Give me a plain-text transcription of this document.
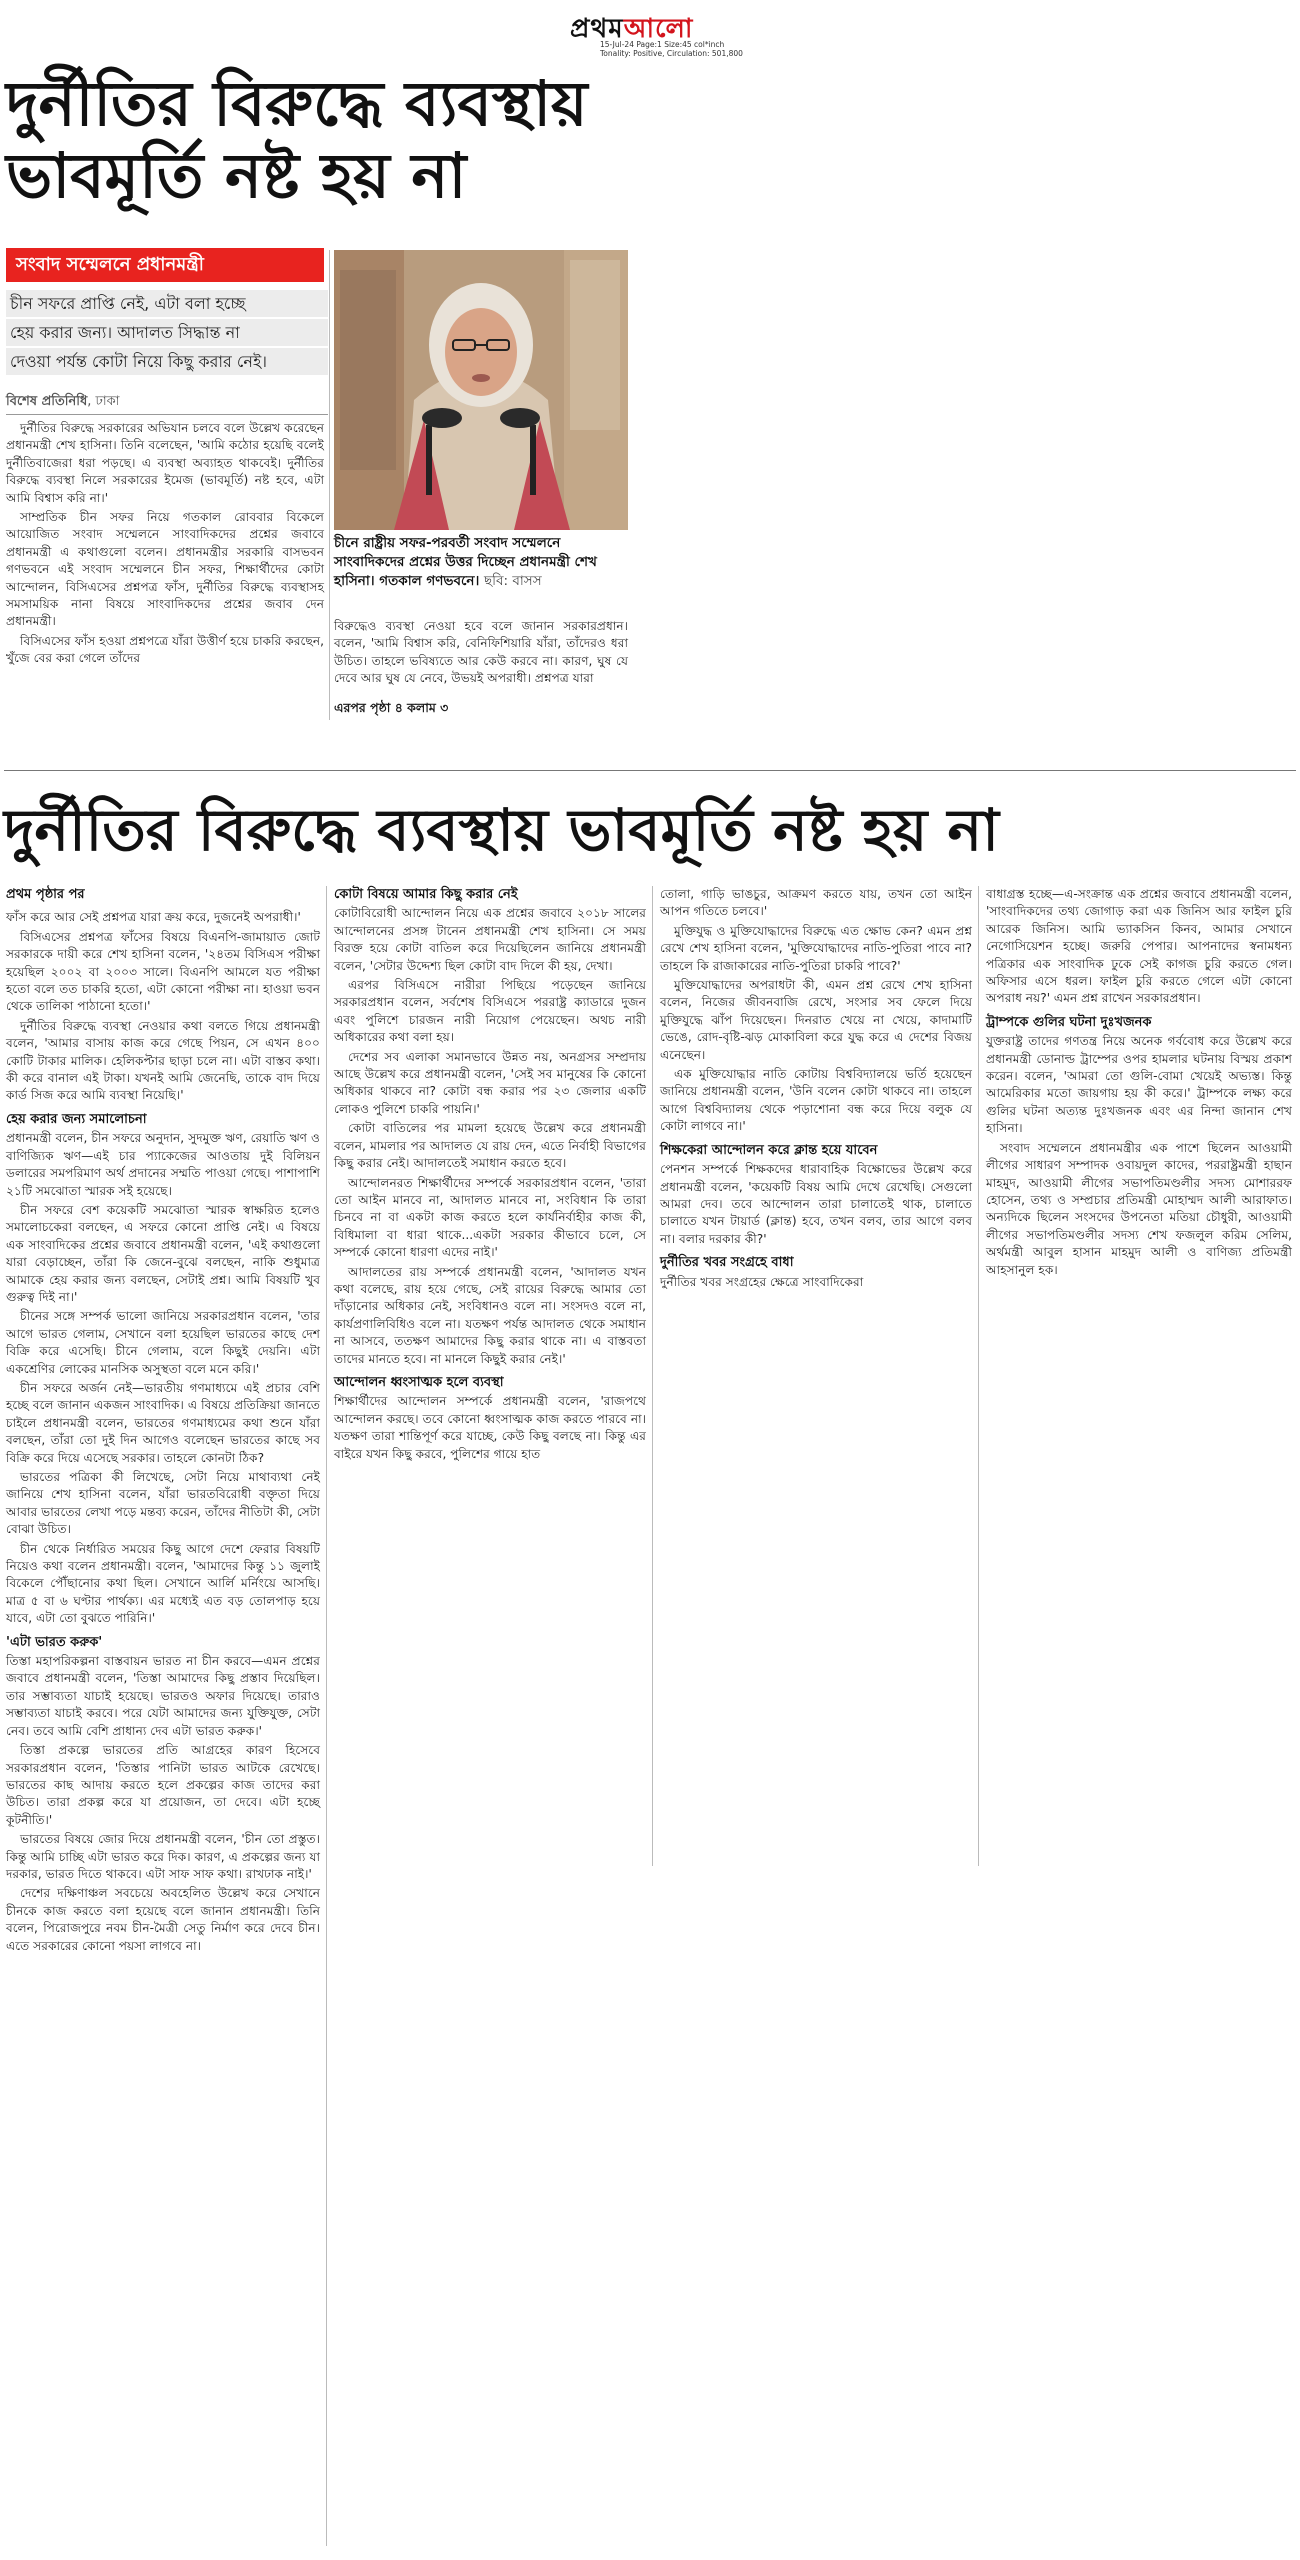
প্রথমআলো
15-Jul-24 Page:1 Size:45 col*inch
Tonality: Positive, Circulation: 501,800
দুর্নীতির বিরুদ্ধে ব্যবস্থায়
ভাবমূর্তি নষ্ট হয় না
সংবাদ সম্মেলনে প্রধানমন্ত্রী
চীন সফরে প্রাপ্তি নেই, এটা বলা হচ্ছে
হেয় করার জন্য। আদালত সিদ্ধান্ত না
দেওয়া পর্যন্ত কোটা নিয়ে কিছু করার নেই।
বিশেষ প্রতিনিধি, ঢাকা

দুর্নীতির বিরুদ্ধে সরকারের অভিযান চলবে বলে উল্লেখ করেছেন প্রধানমন্ত্রী শেখ হাসিনা। তিনি বলেছেন, 'আমি কঠোর হয়েছি বলেই দুর্নীতিবাজেরা ধরা পড়ছে। এ ব্যবস্থা অব্যাহত থাকবেই। দুর্নীতির বিরুদ্ধে ব্যবস্থা নিলে সরকারের ইমেজ (ভাবমূর্তি) নষ্ট হবে, এটা আমি বিশ্বাস করি না।'

সাম্প্রতিক চীন সফর নিয়ে গতকাল রোববার বিকেলে আয়োজিত সংবাদ সম্মেলনে সাংবাদিকদের প্রশ্নের জবাবে প্রধানমন্ত্রী এ কথাগুলো বলেন। প্রধানমন্ত্রীর সরকারি বাসভবন গণভবনে এই সংবাদ সম্মেলনে চীন সফর, শিক্ষার্থীদের কোটা আন্দোলন, বিসিএসের প্রশ্নপত্র ফাঁস, দুর্নীতির বিরুদ্ধে ব্যবস্থাসহ সমসাময়িক নানা বিষয়ে সাংবাদিকদের প্রশ্নের জবাব দেন প্রধানমন্ত্রী।

বিসিএসের ফাঁস হওয়া প্রশ্নপত্রে যাঁরা উত্তীর্ণ হয়ে চাকরি করছেন, খুঁজে বের করা গেলে তাঁদের

চীনে রাষ্ট্রীয় সফর-পরবর্তী সংবাদ সম্মেলনে সাংবাদিকদের প্রশ্নের উত্তর দিচ্ছেন প্রধানমন্ত্রী শেখ হাসিনা। গতকাল গণভবনে। ছবি: বাসস

বিরুদ্ধেও ব্যবস্থা নেওয়া হবে বলে জানান সরকারপ্রধান। বলেন, 'আমি বিশ্বাস করি, বেনিফিশিয়ারি যাঁরা, তাঁদেরও ধরা উচিত। তাহলে ভবিষ্যতে আর কেউ করবে না। কারণ, ঘুষ যে দেবে আর ঘুষ যে নেবে, উভয়ই অপরাধী। প্রশ্নপত্র যারা

এরপর পৃষ্ঠা ৪ কলাম ৩
দুর্নীতির বিরুদ্ধে ব্যবস্থায় ভাবমূর্তি নষ্ট হয় না
প্রথম পৃষ্ঠার পর

ফাঁস করে আর সেই প্রশ্নপত্র যারা ক্রয় করে, দুজনেই অপরাধী।'

বিসিএসের প্রশ্নপত্র ফাঁসের বিষয়ে বিএনপি-জামায়াত জোট সরকারকে দায়ী করে শেখ হাসিনা বলেন, '২৪তম বিসিএস পরীক্ষা হয়েছিল ২০০২ বা ২০০৩ সালে। বিএনপি আমলে যত পরীক্ষা হতো বলে তত চাকরি হতো, এটা কোনো পরীক্ষা না। হাওয়া ভবন থেকে তালিকা পাঠানো হতো।'

দুর্নীতির বিরুদ্ধে ব্যবস্থা নেওয়ার কথা বলতে গিয়ে প্রধানমন্ত্রী বলেন, 'আমার বাসায় কাজ করে গেছে পিয়ন, সে এখন ৪০০ কোটি টাকার মালিক। হেলিকপ্টার ছাড়া চলে না। এটা বাস্তব কথা। কী করে বানাল এই টাকা। যখনই আমি জেনেছি, তাকে বাদ দিয়ে কার্ড সিজ করে আমি ব্যবস্থা নিয়েছি।'

হেয় করার জন্য সমালোচনা

প্রধানমন্ত্রী বলেন, চীন সফরে অনুদান, সুদমুক্ত ঋণ, রেয়াতি ঋণ ও বাণিজ্যিক ঋণ—এই চার প্যাকেজের আওতায় দুই বিলিয়ন ডলারের সমপরিমাণ অর্থ প্রদানের সম্মতি পাওয়া গেছে। পাশাপাশি ২১টি সমঝোতা স্মারক সই হয়েছে।

চীন সফরে বেশ কয়েকটি সমঝোতা স্মারক স্বাক্ষরিত হলেও সমালোচকেরা বলছেন, এ সফরে কোনো প্রাপ্তি নেই। এ বিষয়ে এক সাংবাদিকের প্রশ্নের জবাবে প্রধানমন্ত্রী বলেন, 'এই কথাগুলো যারা বেড়াচ্ছেন, তাঁরা কি জেনে-বুঝে বলছেন, নাকি শুধুমাত্র আমাকে হেয় করার জন্য বলছেন, সেটাই প্রশ্ন। আমি বিষয়টি খুব গুরুত্ব দিই না।'

চীনের সঙ্গে সম্পর্ক ভালো জানিয়ে সরকারপ্রধান বলেন, 'তার আগে ভারত গেলাম, সেখানে বলা হয়েছিল ভারতের কাছে দেশ বিক্রি করে এসেছি। চীনে গেলাম, বলে কিছুই দেয়নি। এটা একশ্রেণির লোকের মানসিক অসুস্থতা বলে মনে করি।'

চীন সফরে অর্জন নেই—ভারতীয় গণমাধ্যমে এই প্রচার বেশি হচ্ছে বলে জানান একজন সাংবাদিক। এ বিষয়ে প্রতিক্রিয়া জানতে চাইলে প্রধানমন্ত্রী বলেন, ভারতের গণমাধ্যমের কথা শুনে যাঁরা বলছেন, তাঁরা তো দুই দিন আগেও বলেছেন ভারতের কাছে সব বিক্রি করে দিয়ে এসেছে সরকার। তাহলে কোনটা ঠিক?

ভারতের পত্রিকা কী লিখেছে, সেটা নিয়ে মাথাব্যথা নেই জানিয়ে শেখ হাসিনা বলেন, যাঁরা ভারতবিরোধী বক্তৃতা দিয়ে আবার ভারতের লেখা পড়ে মন্তব্য করেন, তাঁদের নীতিটা কী, সেটা বোঝা উচিত।

চীন থেকে নির্ধারিত সময়ের কিছু আগে দেশে ফেরার বিষয়টি নিয়েও কথা বলেন প্রধানমন্ত্রী। বলেন, 'আমাদের কিন্তু ১১ জুলাই বিকেলে পৌঁছানোর কথা ছিল। সেখানে আর্লি মর্নিংয়ে আসছি। মাত্র ৫ বা ৬ ঘণ্টার পার্থক্য। এর মধ্যেই এত বড় তোলপাড় হয়ে যাবে, এটা তো বুঝতে পারিনি।'

'এটা ভারত করুক'

তিস্তা মহাপরিকল্পনা বাস্তবায়ন ভারত না চীন করবে—এমন প্রশ্নের জবাবে প্রধানমন্ত্রী বলেন, 'তিস্তা আমাদের কিছু প্রস্তাব দিয়েছিল। তার সম্ভাব্যতা যাচাই হয়েছে। ভারতও অফার দিয়েছে। তারাও সম্ভাব্যতা যাচাই করবে। পরে যেটা আমাদের জন্য যুক্তিযুক্ত, সেটা নেব। তবে আমি বেশি প্রাধান্য দেব এটা ভারত করুক।'

তিস্তা প্রকল্পে ভারতের প্রতি আগ্রহের কারণ হিসেবে সরকারপ্রধান বলেন, 'তিস্তার পানিটা ভারত আটকে রেখেছে। ভারতের কাছ আদায় করতে হলে প্রকল্পের কাজ তাদের করা উচিত। তারা প্রকল্প করে যা প্রয়োজন, তা দেবে। এটা হচ্ছে কূটনীতি।'

ভারতের বিষয়ে জোর দিয়ে প্রধানমন্ত্রী বলেন, 'চীন তো প্রস্তুত। কিন্তু আমি চাচ্ছি এটা ভারত করে দিক। কারণ, এ প্রকল্পের জন্য যা দরকার, ভারত দিতে থাকবে। এটা সাফ সাফ কথা। রাখঢাক নাই।'

দেশের দক্ষিণাঞ্চল সবচেয়ে অবহেলিত উল্লেখ করে সেখানে চীনকে কাজ করতে বলা হয়েছে বলে জানান প্রধানমন্ত্রী। তিনি বলেন, পিরোজপুরে নবম চীন-মৈত্রী সেতু নির্মাণ করে দেবে চীন। এতে সরকারের কোনো পয়সা লাগবে না।

কোটা বিষয়ে আমার কিছু করার নেই

কোটাবিরোধী আন্দোলন নিয়ে এক প্রশ্নের জবাবে ২০১৮ সালের আন্দোলনের প্রসঙ্গ টানেন প্রধানমন্ত্রী শেখ হাসিনা। সে সময় বিরক্ত হয়ে কোটা বাতিল করে দিয়েছিলেন জানিয়ে প্রধানমন্ত্রী বলেন, 'সেটার উদ্দেশ্য ছিল কোটা বাদ দিলে কী হয়, দেখা।

এরপর বিসিএসে নারীরা পিছিয়ে পড়েছেন জানিয়ে সরকারপ্রধান বলেন, সর্বশেষ বিসিএসে পররাষ্ট্র ক্যাডারে দুজন এবং পুলিশে চারজন নারী নিয়োগ পেয়েছেন। অথচ নারী অধিকারের কথা বলা হয়।

দেশের সব এলাকা সমানভাবে উন্নত নয়, অনগ্রসর সম্প্রদায় আছে উল্লেখ করে প্রধানমন্ত্রী বলেন, 'সেই সব মানুষের কি কোনো অধিকার থাকবে না? কোটা বন্ধ করার পর ২৩ জেলার একটি লোকও পুলিশে চাকরি পায়নি।'

কোটা বাতিলের পর মামলা হয়েছে উল্লেখ করে প্রধানমন্ত্রী বলেন, মামলার পর আদালত যে রায় দেন, এতে নির্বাহী বিভাগের কিছু করার নেই। আদালতেই সমাধান করতে হবে।

আন্দোলনরত শিক্ষার্থীদের সম্পর্কে সরকারপ্রধান বলেন, 'তারা তো আইন মানবে না, আদালত মানবে না, সংবিধান কি তারা চিনবে না বা একটা কাজ করতে হলে কার্যনির্বাহীর কাজ কী, বিধিমালা বা ধারা থাকে...একটা সরকার কীভাবে চলে, সে সম্পর্কে কোনো ধারণা এদের নাই।'

আদালতের রায় সম্পর্কে প্রধানমন্ত্রী বলেন, 'আদালত যখন কথা বলেছে, রায় হয়ে গেছে, সেই রায়ের বিরুদ্ধে আমার তো দাঁড়ানোর অধিকার নেই, সংবিধানও বলে না। সংসদও বলে না, কার্যপ্রণালিবিধিও বলে না। যতক্ষণ পর্যন্ত আদালত থেকে সমাধান না আসবে, ততক্ষণ আমাদের কিছু করার থাকে না। এ বাস্তবতা তাদের মানতে হবে। না মানলে কিছুই করার নেই।'

আন্দোলন ধ্বংসাত্মক হলে ব্যবস্থা

শিক্ষার্থীদের আন্দোলন সম্পর্কে প্রধানমন্ত্রী বলেন, 'রাজপথে আন্দোলন করছে। তবে কোনো ধ্বংসাত্মক কাজ করতে পারবে না। যতক্ষণ তারা শান্তিপূর্ণ করে যাচ্ছে, কেউ কিছু বলছে না। কিন্তু এর বাইরে যখন কিছু করবে, পুলিশের গায়ে হাত

তোলা, গাড়ি ভাঙচুর, আক্রমণ করতে যায়, তখন তো আইন আপন গতিতে চলবে।'

মুক্তিযুদ্ধ ও মুক্তিযোদ্ধাদের বিরুদ্ধে এত ক্ষোভ কেন? এমন প্রশ্ন রেখে শেখ হাসিনা বলেন, 'মুক্তিযোদ্ধাদের নাতি-পুতিরা পাবে না? তাহলে কি রাজাকারের নাতি-পুতিরা চাকরি পাবে?'

মুক্তিযোদ্ধাদের অপরাধটা কী, এমন প্রশ্ন রেখে শেখ হাসিনা বলেন, নিজের জীবনবাজি রেখে, সংসার সব ফেলে দিয়ে মুক্তিযুদ্ধে ঝাঁপ দিয়েছেন। দিনরাত খেয়ে না খেয়ে, কাদামাটি ভেঙে, রোদ-বৃষ্টি-ঝড় মোকাবিলা করে যুদ্ধ করে এ দেশের বিজয় এনেছেন।

এক মুক্তিযোদ্ধার নাতি কোটায় বিশ্ববিদ্যালয়ে ভর্তি হয়েছেন জানিয়ে প্রধানমন্ত্রী বলেন, 'উনি বলেন কোটা থাকবে না। তাহলে আগে বিশ্ববিদ্যালয় থেকে পড়াশোনা বন্ধ করে দিয়ে বলুক যে কোটা লাগবে না।'

শিক্ষকেরা আন্দোলন করে ক্লান্ত হয়ে যাবেন

পেনশন সম্পর্কে শিক্ষকদের ধারাবাহিক বিক্ষোভের উল্লেখ করে প্রধানমন্ত্রী বলেন, 'কয়েকটি বিষয় আমি দেখে রেখেছি। সেগুলো আমরা দেব। তবে আন্দোলন তারা চালাতেই থাক, চালাতে চালাতে যখন টায়ার্ড (ক্লান্ত) হবে, তখন বলব, তার আগে বলব না। বলার দরকার কী?'

দুর্নীতির খবর সংগ্রহে বাধা

দুর্নীতির খবর সংগ্রহের ক্ষেত্রে সাংবাদিকেরা

বাধাগ্রস্ত হচ্ছে—এ-সংক্রান্ত এক প্রশ্নের জবাবে প্রধানমন্ত্রী বলেন, 'সাংবাদিকদের তথ্য জোগাড় করা এক জিনিস আর ফাইল চুরি আরেক জিনিস। আমি ভ্যাকসিন কিনব, আমার সেখানে নেগোসিয়েশন হচ্ছে। জরুরি পেপার। আপনাদের স্বনামধন্য পত্রিকার এক সাংবাদিক ঢুকে সেই কাগজ চুরি করতে গেল। অফিসার এসে ধরল। ফাইল চুরি করতে গেলে এটা কোনো অপরাধ নয়?' এমন প্রশ্ন রাখেন সরকারপ্রধান।

ট্রাম্পকে গুলির ঘটনা দুঃখজনক

যুক্তরাষ্ট্র তাদের গণতন্ত্র নিয়ে অনেক গর্ববোধ করে উল্লেখ করে প্রধানমন্ত্রী ডোনাল্ড ট্রাম্পের ওপর হামলার ঘটনায় বিস্ময় প্রকাশ করেন। বলেন, 'আমরা তো গুলি-বোমা খেয়েই অভ্যস্ত। কিন্তু আমেরিকার মতো জায়গায় হয় কী করে।' ট্রাম্পকে লক্ষ্য করে গুলির ঘটনা অত্যন্ত দুঃখজনক এবং এর নিন্দা জানান শেখ হাসিনা।

সংবাদ সম্মেলনে প্রধানমন্ত্রীর এক পাশে ছিলেন আওয়ামী লীগের সাধারণ সম্পাদক ওবায়দুল কাদের, পররাষ্ট্রমন্ত্রী হাছান মাহমুদ, আওয়ামী লীগের সভাপতিমণ্ডলীর সদস্য মোশাররফ হোসেন, তথ্য ও সম্প্রচার প্রতিমন্ত্রী মোহাম্মদ আলী আরাফাত। অন্যদিকে ছিলেন সংসদের উপনেতা মতিয়া চৌধুরী, আওয়ামী লীগের সভাপতিমণ্ডলীর সদস্য শেখ ফজলুল করিম সেলিম, অর্থমন্ত্রী আবুল হাসান মাহমুদ আলী ও বাণিজ্য প্রতিমন্ত্রী আহসানুল হক।
